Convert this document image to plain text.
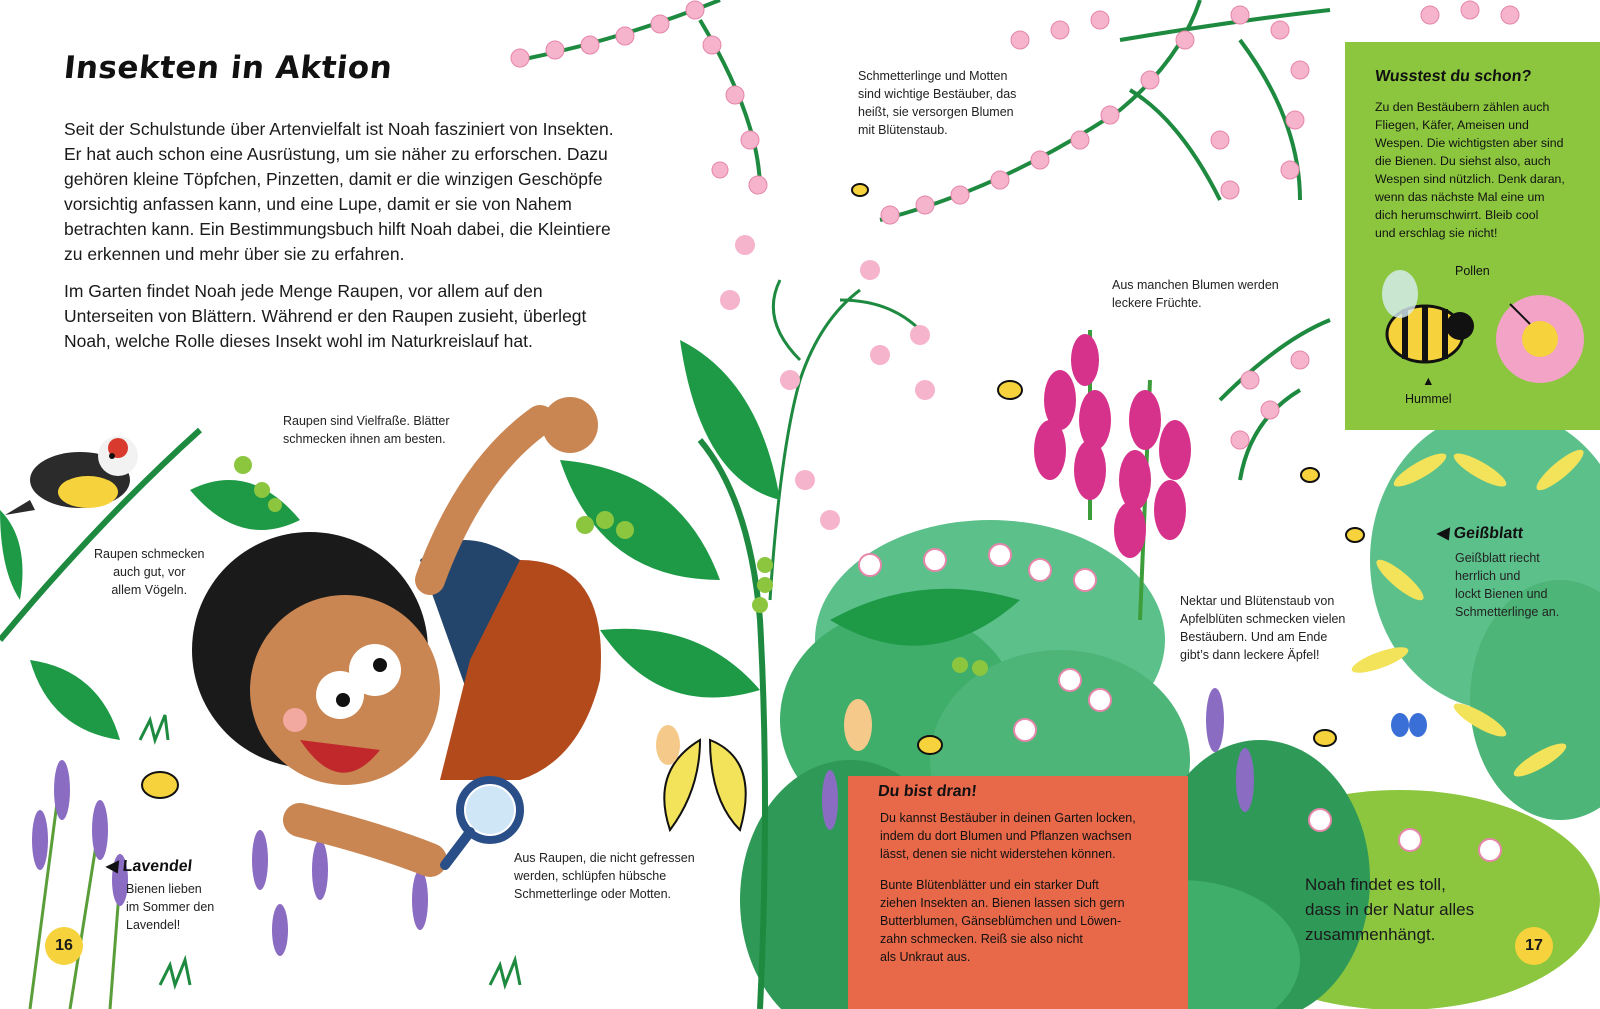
Insekten in Aktion

Seit der Schulstunde über Artenvielfalt ist Noah fasziniert von Insekten. Er hat auch schon eine Ausrüstung, um sie näher zu erforschen. Dazu gehören kleine Töpfchen, Pinzetten, damit er die winzigen Geschöpfe vorsichtig anfassen kann, und eine Lupe, damit er sie von Nahem betrachten kann. Ein Bestimmungsbuch hilft Noah dabei, die Kleintiere zu erkennen und mehr über sie zu erfahren.

Im Garten findet Noah jede Menge Raupen, vor allem auf den Unterseiten von Blättern. Während er den Raupen zusieht, überlegt Noah, welche Rolle dieses Insekt wohl im Naturkreislauf hat.

Raupen sind Vielfraße. Blätter
schmecken ihnen am besten.

Raupen schmecken
auch gut, vor
allem Vögeln.

Schmetterlinge und Motten
sind wichtige Bestäuber, das
heißt, sie versorgen Blumen
mit Blütenstaub.

Aus manchen Blumen werden
leckere Früchte.

Nektar und Blütenstaub von
Apfelblüten schmecken vielen
Bestäubern. Und am Ende
gibt’s dann leckere Äpfel!

Aus Raupen, die nicht gefressen
werden, schlüpfen hübsche
Schmetterlinge oder Motten.

◀ Lavendel

Bienen lieben
im Sommer den
Lavendel!

◀ Geißblatt

Geißblatt riecht
herrlich und
lockt Bienen und
Schmetterlinge an.

Wusstest du schon?

Zu den Bestäubern zählen auch
Fliegen, Käfer, Ameisen und
Wespen. Die wichtigsten aber sind
die Bienen. Du siehst also, auch
Wespen sind nützlich. Denk daran,
wenn das nächste Mal eine um
dich herumschwirrt. Bleib cool
und erschlag sie nicht!

Pollen

▲
Hummel

Du bist dran!

Du kannst Bestäuber in deinen Garten locken,
indem du dort Blumen und Pflanzen wachsen
lässt, denen sie nicht widerstehen können.

Bunte Blütenblätter und ein starker Duft
ziehen Insekten an. Bienen lassen sich gern
Butterblumen, Gänseblümchen und Löwen-
zahn schmecken. Reiß sie also nicht
als Unkraut aus.

Noah findet es toll,
dass in der Natur alles
zusammenhängt.

16	17
